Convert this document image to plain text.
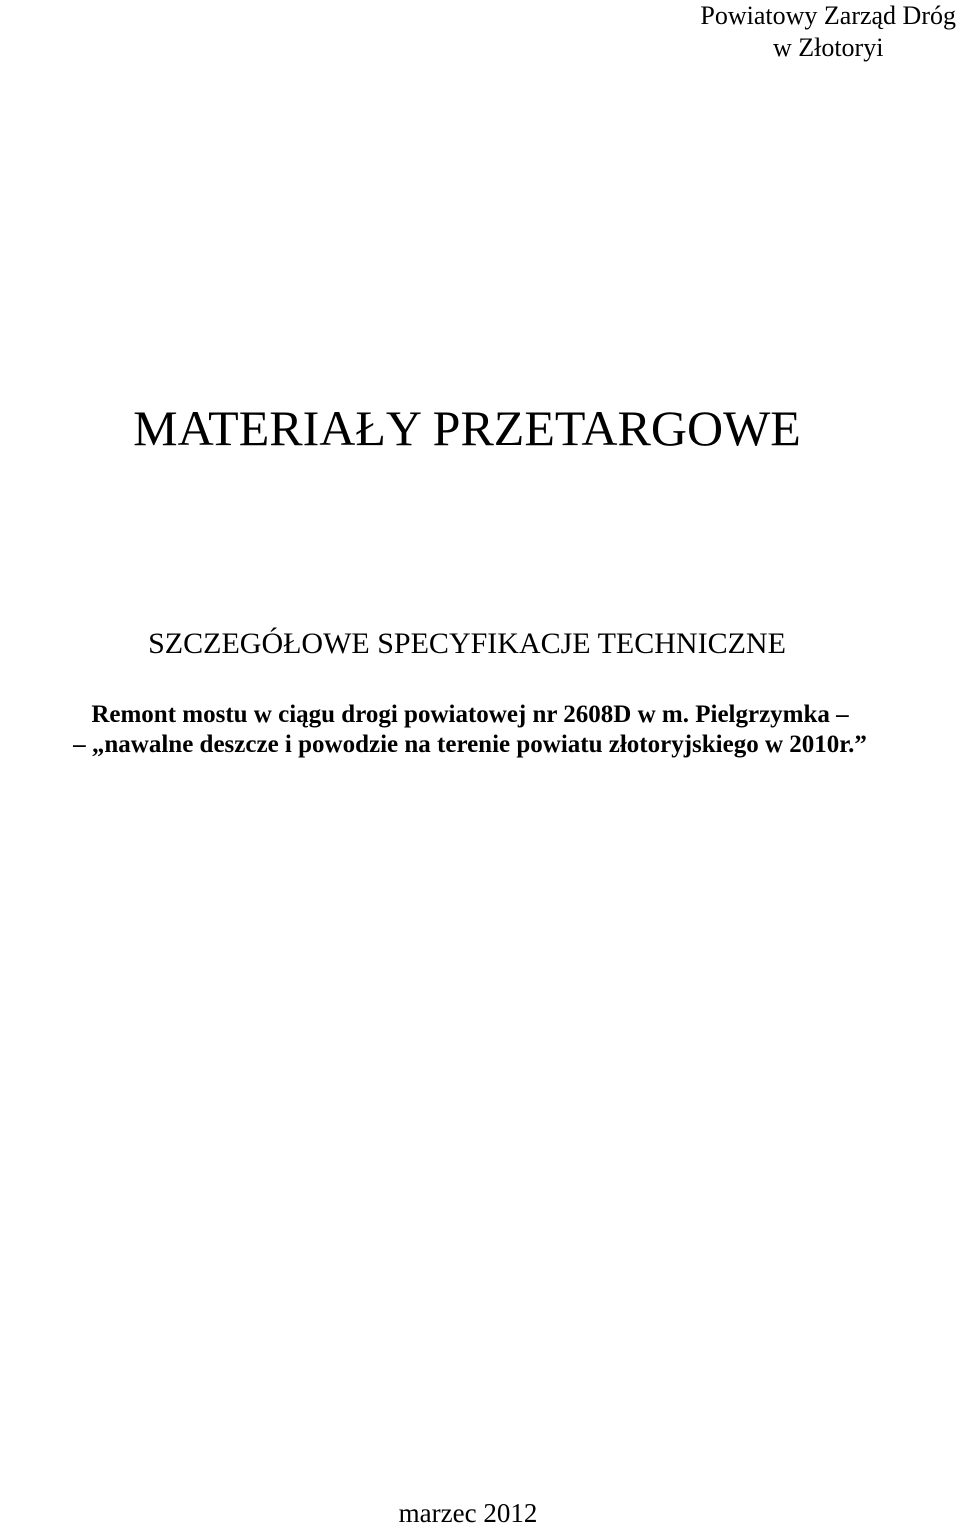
Powiatowy Zarząd Dróg
w Złotoryi
MATERIAŁY PRZETARGOWE
SZCZEGÓŁOWE SPECYFIKACJE TECHNICZNE
Remont mostu w ciągu drogi powiatowej nr 2608D w m. Pielgrzymka –
– „nawalne deszcze i powodzie na terenie powiatu złotoryjskiego w 2010r.”
marzec 2012
